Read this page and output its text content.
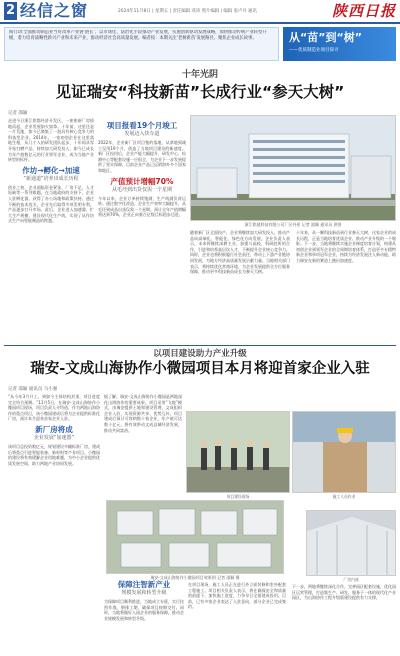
2 经信之窗	2024年11月8日 | 星期五 | 责任编辑 邓涛 照片编辑 | 编辑 张卢丹 通讯	陕西日报
阅行动:全面推动制造业当好改革产业链‘链长’，以市场化、法治化手段推动产业发展，实施创新驱动发展战略，加快推动传统产业转型升级，着力培育战略性新兴产业和未来产业，推动经济社会高质量发展。编者按：本期关注‘老树新苗’发展路径，聚焦企业成长故事。	从“苗”到“树”
——优质制造业项目探寻
十年光阴
见证瑞安“科技新苗”长成行业“参天大树”
记者 邵颖
走进今日浙江铭都经济开发区，一座座新厂房拔地而起，企业发展如火如荼。十年前，这里还是一片荒地，如今已聚集了一批具有核心竞争力的科技型企业。2014年，一家初创企业在这里落地生根，从几个人的研发团队起步，十年间从零开始打磨产品，持续加大研发投入，如今已成长为年产值数亿元的行业领军企业，成为当地产业转型的标杆。
作坊→孵化→加速
“新通道”培养出成长历程
创业之初，企业面临资金紧张、厂房不足、人才短缺等一系列难题。在当地政府的支持下，企业入驻孵化器，获得了办公场地和政策扶持。通过不断的技术攻关，企业先后取得多项发明专利，产品逐步打开市场。此后，企业进入加速器，扩大生产规模，建设现代化生产线，实现了从作坊式生产向智能制造的跨越。
项目报看19个月竣工
发展迈入快车道
2022年，企业新厂区项目签约落地，从拿地到竣工仅用19个月，创造了当地项目建设的新速度。新厂区投用后，企业产能大幅提升，研发中心、检测中心等配套设施一应俱全，为企业下一步发展提供了坚实保障。目前企业产品已远销海外多个国家和地区。
产值预计增幅70%
从毛坯到出货仅需一个星期
今年以来，企业订单持续饱满，生产线满负荷运转。通过数字化改造，企业生产效率大幅提升，从毛坯到成品出货仅需一个星期。预计全年产值增幅将达到70%，企业正向着百亿级目标稳步迈进。
浙江铭驰科技有限公司厂区外景 记者 邵颖 通讯员 供图
随着新厂区全面投产，企业将继续加大研发投入，推动产品向高端化、智能化、绿色化方向发展。企业负责人表示，未来将继续深耕主业，加强与高校、科研院所的合作，引进和培养高层次人才，不断提升企业核心竞争力。同时，企业也将积极履行社会责任，带动上下游产业链协同发展，为地方经济高质量发展贡献力量。当地相关部门表示，将持续优化营商环境，为企业发展提供全方位服务保障，推动更多科技新苗成长为参天大树。
十年来，从一颗科技新苗到行业参天大树，这家企业的成长历程，正是当地培育优质企业、推动产业升级的一个缩影。下一步，当地将继续实施企业梯度培育计划，构建从初创企业到领军企业的全周期培育体系，打造更多专精特新企业和单项冠军企业，持续为经济发展注入新动能，助力瑞安在新的赛道上跑出加速度。
以项目建设助力产业升级
瑞安-文成山海协作小微园项目本月将迎首家企业入驻
记者 邵颖 通讯员 马小强
“从今年3月开工，到如今主体结构封顶，项目进度完全符合预期。”11月5日，在瑞安-文成山海协作小微园项目现场，项目负责人介绍道。作为两地山海协作的重点项目，该小微园建成后将为企业提供标准化厂房，预计本月迎来首家企业入驻。
新厂房将成
企业发展“加速器”
该项目总投资数亿元，规划建设多幢标准厂房，建成后将重点引进智能装备、新材料等产业项目。小微园的建设将有效缓解企业用地难题，为中小企业提供优质发展空间，助力两地产业协同发展。
据了解，瑞安-文成山海协作小微园是两地深化山海协作的重要成果。项目采用“飞地”模式，由瑞安提供土地和建设管理，文成组织企业入驻，实现资源共享、优势互补。项目建成后预计可容纳数十家企业，年产值可达数十亿元，将有效带动文成县域经济发展，推动共同富裕。
项目建设现场	施工人员作业
保障注智新产业
规模发展和转型升级
为保障项目顺利推进，当地成立专班，实行挂图作战，倒排工期，确保项目按期交付。同时，当地将做好入园企业的服务保障，推动企业规模发展和转型升级。
瑞安-文成山海协作小微园项目效果图 记者 邵颖 摄
在项目现场，施工人员正在进行外立面装修和室外配套工程施工。项目相关负责人表示，将在确保安全和质量的前提下，加快施工进度，力争早日全面建成投用。目前，已有多家企业表达了入驻意向，部分企业已完成签约。
厂房内部
下一步，两地将继续深化合作，完善园区配套设施，优化园区运营管理，打造集生产、研发、服务于一体的现代化产业园区，为山海协作工程升级版建设提供有力支撑。
